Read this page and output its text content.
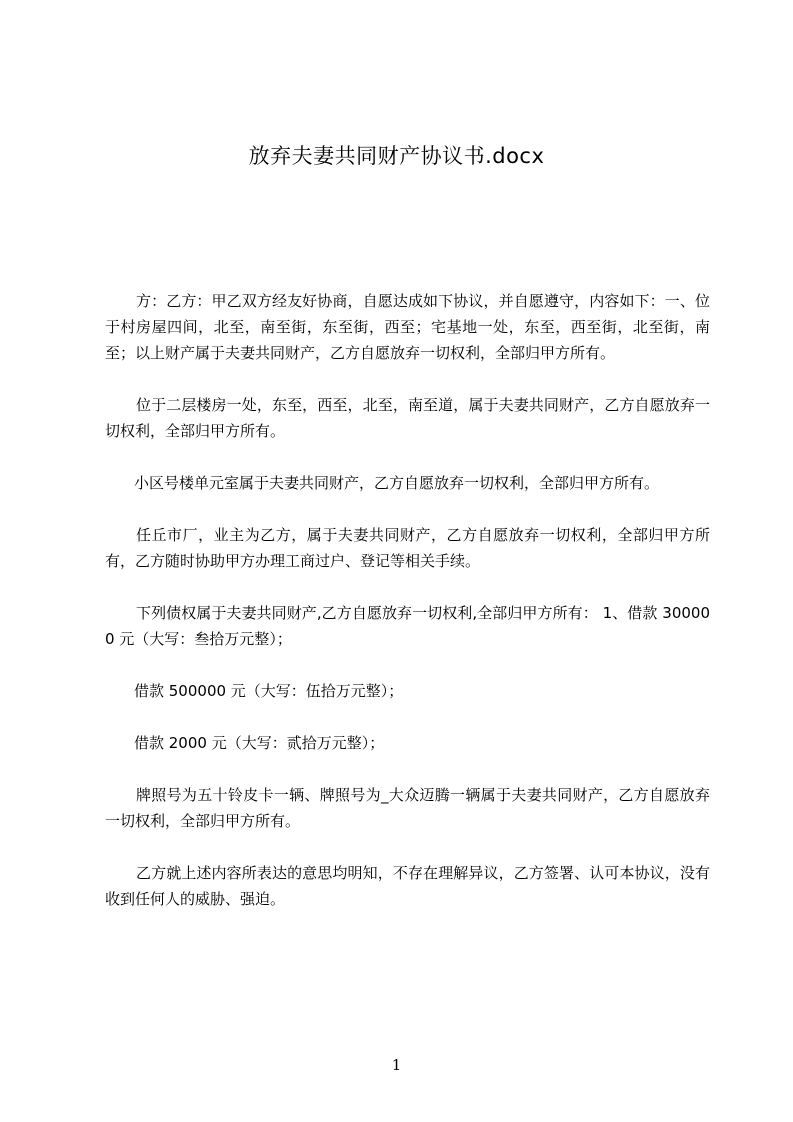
放弃夫妻共同财产协议书.docx

方：乙方：甲乙双方经友好协商，自愿达成如下协议，并自愿遵守，内容如下：一、位于村房屋四间，北至，南至街，东至街，西至；宅基地一处，东至，西至街，北至街，南至；以上财产属于夫妻共同财产，乙方自愿放弃一切权利，全部归甲方所有。

位于二层楼房一处，东至，西至，北至，南至道，属于夫妻共同财产，乙方自愿放弃一切权利，全部归甲方所有。

小区号楼单元室属于夫妻共同财产，乙方自愿放弃一切权利，全部归甲方所有。

任丘市厂，业主为乙方，属于夫妻共同财产，乙方自愿放弃一切权利，全部归甲方所有，乙方随时协助甲方办理工商过户、登记等相关手续。

下列债权属于夫妻共同财产,乙方自愿放弃一切权利,全部归甲方所有： 1、借款 300000 元（大写：叁拾万元整）；

借款 500000 元（大写：伍拾万元整）；

借款 2000 元（大写：贰拾万元整）；

牌照号为五十铃皮卡一辆、牌照号为_大众迈腾一辆属于夫妻共同财产，乙方自愿放弃一切权利，全部归甲方所有。

乙方就上述内容所表达的意思均明知，不存在理解异议，乙方签署、认可本协议，没有收到任何人的威胁、强迫。

1
